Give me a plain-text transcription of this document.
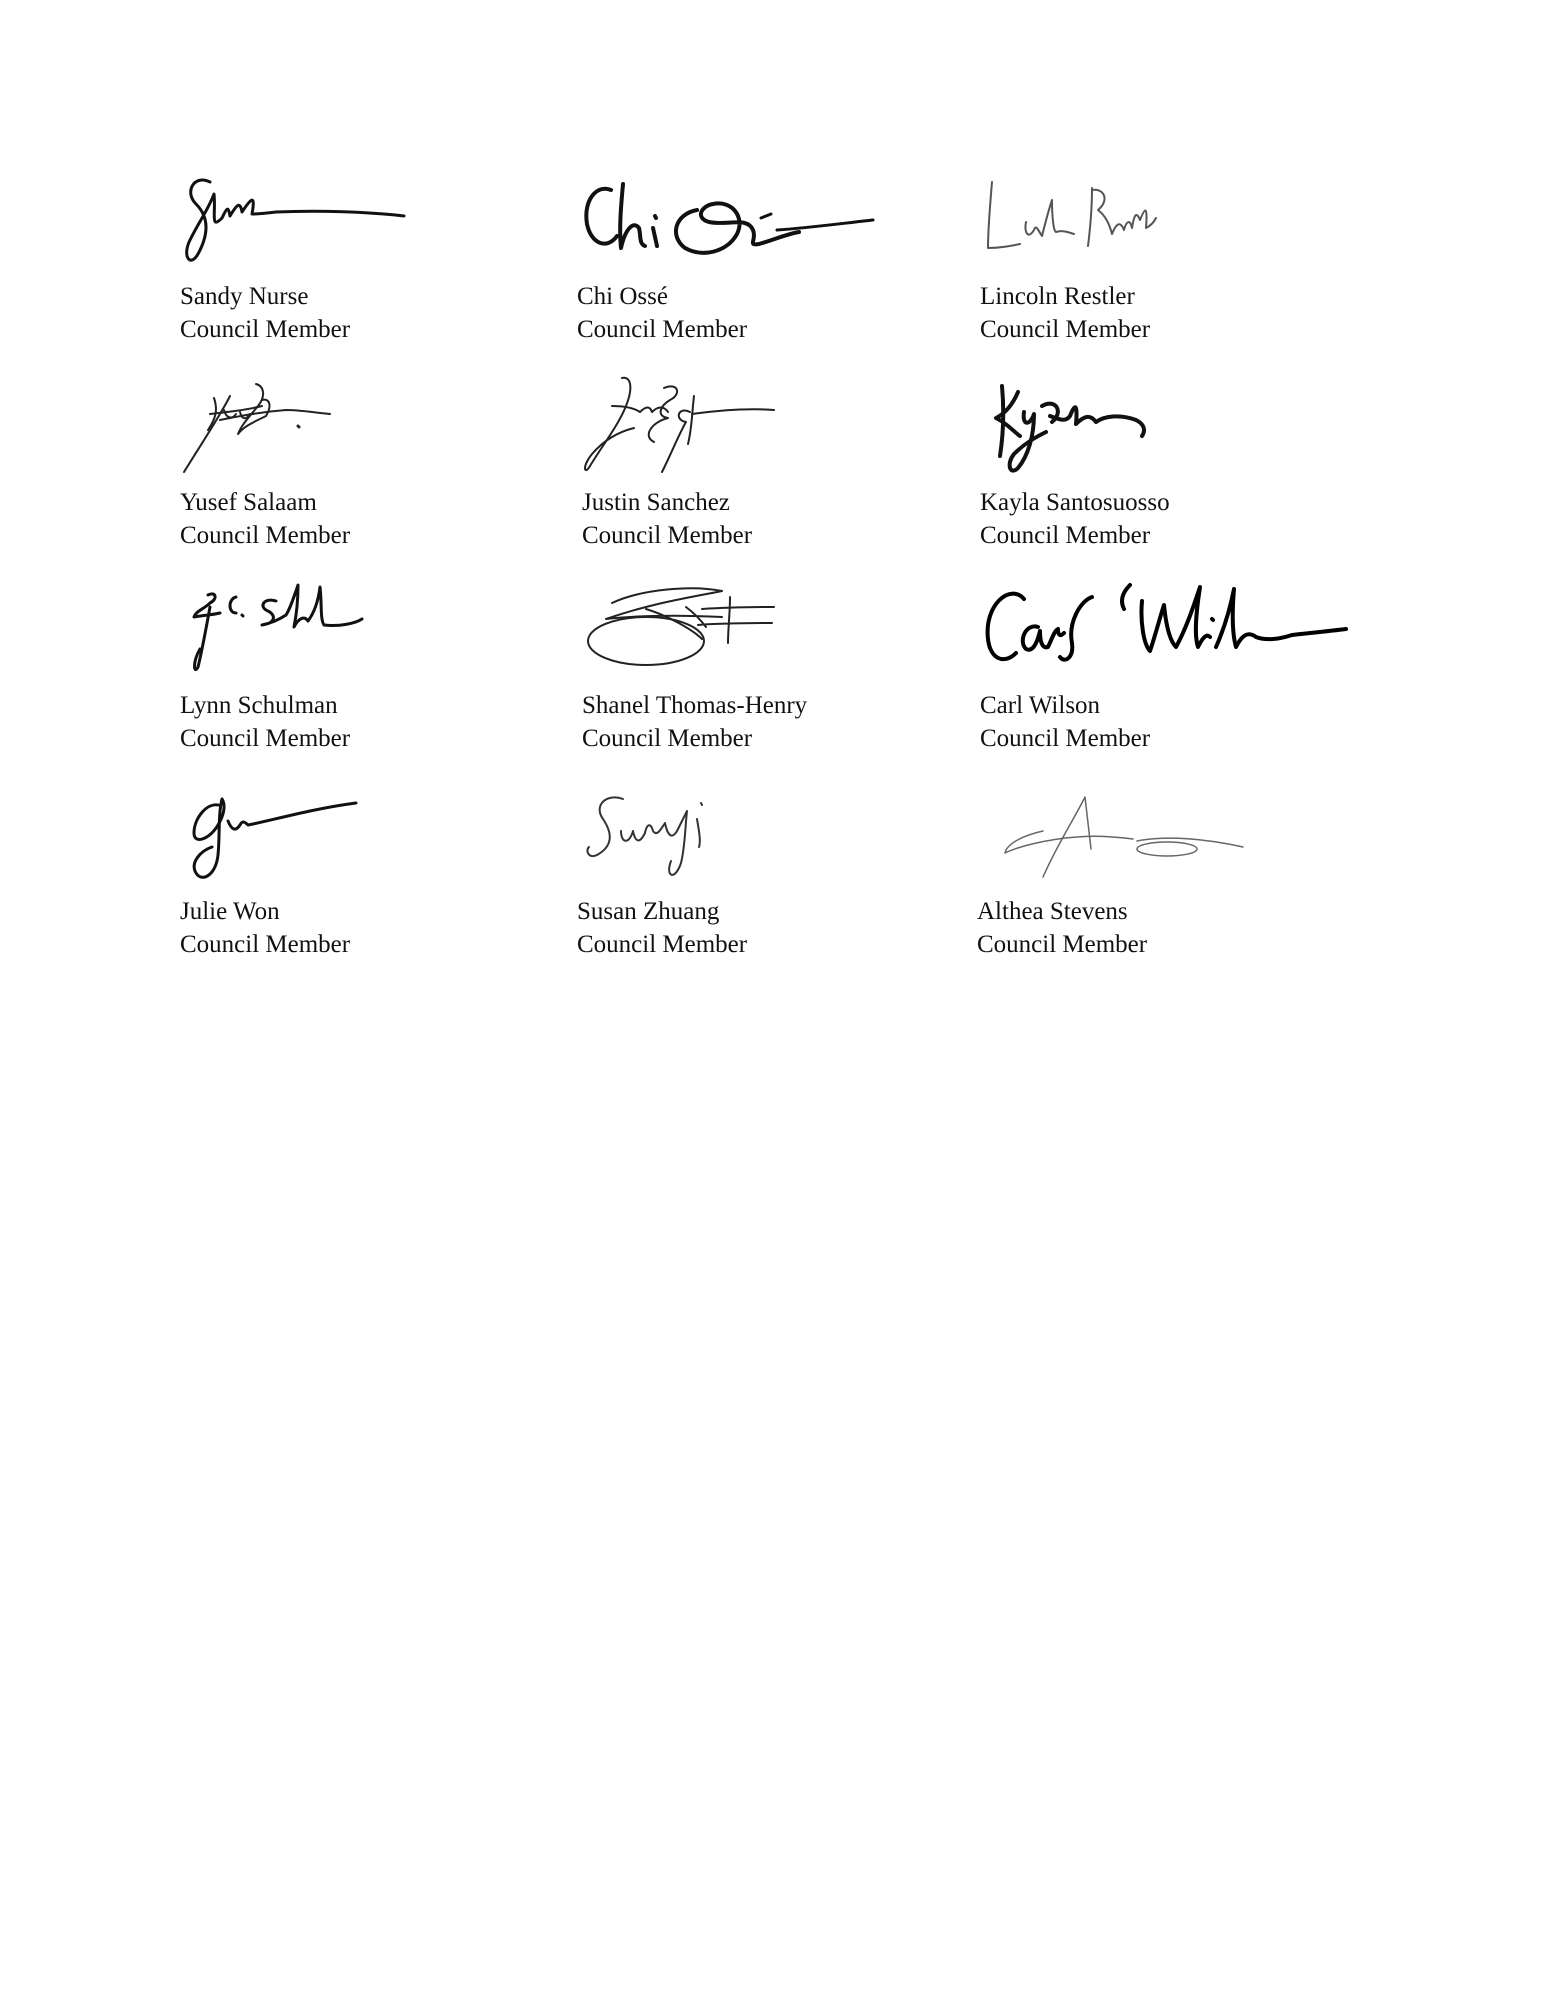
Sandy Nurse
Council Member
Chi Ossé
Council Member
Lincoln Restler
Council Member
Yusef Salaam
Council Member
Justin Sanchez
Council Member
Kayla Santosuosso
Council Member
Lynn Schulman
Council Member
Shanel Thomas-Henry
Council Member
Carl Wilson
Council Member
Julie Won
Council Member
Susan Zhuang
Council Member
Althea Stevens
Council Member
